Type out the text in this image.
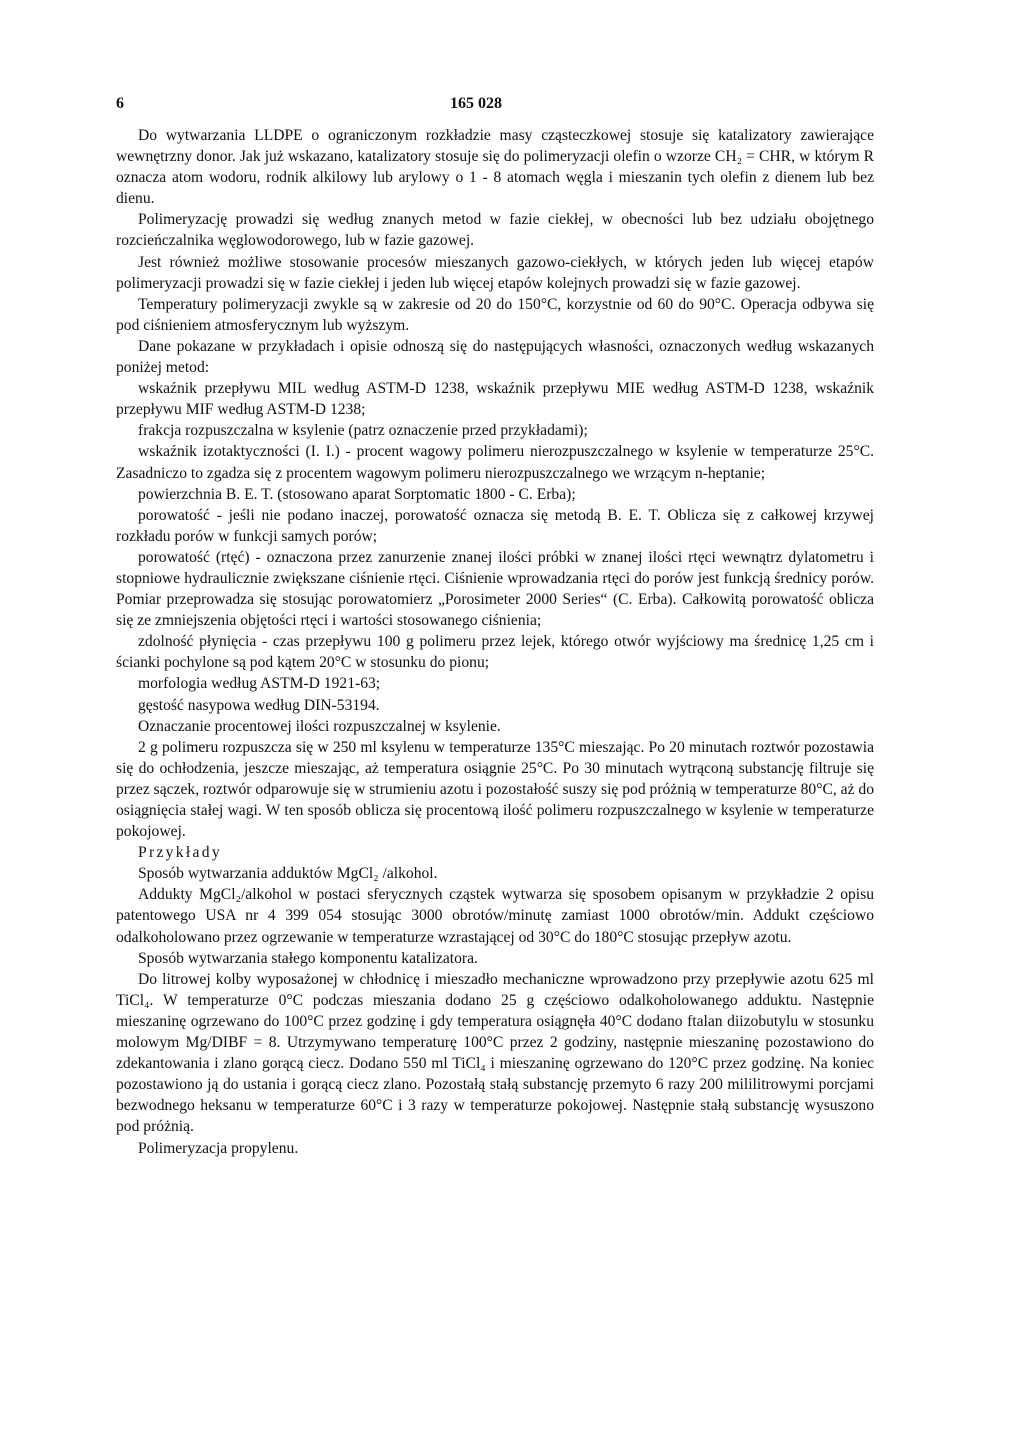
6	165 028

Do wytwarzania LLDPE o ograniczonym rozkładzie masy cząsteczkowej stosuje się katalizatory zawierające wewnętrzny donor. Jak już wskazano, katalizatory stosuje się do polimeryzacji olefin o wzorze CH₂ = CHR, w którym R oznacza atom wodoru, rodnik alkilowy lub arylowy o 1 - 8 atomach węgla i mieszanin tych olefin z dienem lub bez dienu.

Polimeryzację prowadzi się według znanych metod w fazie ciekłej, w obecności lub bez udziału obojętnego rozcieńczalnika węglowodorowego, lub w fazie gazowej.

Jest również możliwe stosowanie procesów mieszanych gazowo-ciekłych, w których jeden lub więcej etapów polimeryzacji prowadzi się w fazie ciekłej i jeden lub więcej etapów kolejnych prowadzi się w fazie gazowej.

Temperatury polimeryzacji zwykle są w zakresie od 20 do 150°C, korzystnie od 60 do 90°C. Operacja odbywa się pod ciśnieniem atmosferycznym lub wyższym.

Dane pokazane w przykładach i opisie odnoszą się do następujących własności, oznaczonych według wskazanych poniżej metod:

wskaźnik przepływu MIL według ASTM-D 1238, wskaźnik przepływu MIE według ASTM-D 1238, wskaźnik przepływu MIF według ASTM-D 1238;

frakcja rozpuszczalna w ksylenie (patrz oznaczenie przed przykładami);

wskaźnik izotaktyczności (I. I.) - procent wagowy polimeru nierozpuszczalnego w ksylenie w temperaturze 25°C. Zasadniczo to zgadza się z procentem wagowym polimeru nierozpuszczalnego we wrzącym n-heptanie;

powierzchnia B. E. T. (stosowano aparat Sorptomatic 1800 - C. Erba);

porowatość - jeśli nie podano inaczej, porowatość oznacza się metodą B. E. T. Oblicza się z całkowej krzywej rozkładu porów w funkcji samych porów;

porowatość (rtęć) - oznaczona przez zanurzenie znanej ilości próbki w znanej ilości rtęci wewnątrz dylatometru i stopniowe hydraulicznie zwiększane ciśnienie rtęci. Ciśnienie wprowadzania rtęci do porów jest funkcją średnicy porów. Pomiar przeprowadza się stosując porowatomierz „Porosimeter 2000 Series“ (C. Erba). Całkowitą porowatość oblicza się ze zmniejszenia objętości rtęci i wartości stosowanego ciśnienia;

zdolność płynięcia - czas przepływu 100 g polimeru przez lejek, którego otwór wyjściowy ma średnicę 1,25 cm i ścianki pochylone są pod kątem 20°C w stosunku do pionu;

morfologia według ASTM-D 1921-63;

gęstość nasypowa według DIN-53194.

Oznaczanie procentowej ilości rozpuszczalnej w ksylenie.

2 g polimeru rozpuszcza się w 250 ml ksylenu w temperaturze 135°C mieszając. Po 20 minutach roztwór pozostawia się do ochłodzenia, jeszcze mieszając, aż temperatura osiągnie 25°C. Po 30 minutach wytrąconą substancję filtruje się przez sączek, roztwór odparowuje się w strumieniu azotu i pozostałość suszy się pod próżnią w temperaturze 80°C, aż do osiągnięcia stałej wagi. W ten sposób oblicza się procentową ilość polimeru rozpuszczalnego w ksylenie w temperaturze pokojowej.

Przykłady

Sposób wytwarzania adduktów MgCl₂ /alkohol.

Addukty MgCl₂/alkohol w postaci sferycznych cząstek wytwarza się sposobem opisanym w przykładzie 2 opisu patentowego USA nr 4 399 054 stosując 3000 obrotów/minutę zamiast 1000 obrotów/min. Addukt częściowo odalkoholowano przez ogrzewanie w temperaturze wzrastającej od 30°C do 180°C stosując przepływ azotu.

Sposób wytwarzania stałego komponentu katalizatora.

Do litrowej kolby wyposażonej w chłodnicę i mieszadło mechaniczne wprowadzono przy przepływie azotu 625 ml TiCl₄. W temperaturze 0°C podczas mieszania dodano 25 g częściowo odalkoholowanego adduktu. Następnie mieszaninę ogrzewano do 100°C przez godzinę i gdy temperatura osiągnęła 40°C dodano ftalan diizobutylu w stosunku molowym Mg/DIBF = 8. Utrzymywano temperaturę 100°C przez 2 godziny, następnie mieszaninę pozostawiono do zdekantowania i zlano gorącą ciecz. Dodano 550 ml TiCl₄ i mieszaninę ogrzewano do 120°C przez godzinę. Na koniec pozostawiono ją do ustania i gorącą ciecz zlano. Pozostałą stałą substancję przemyto 6 razy 200 mililitrowymi porcjami bezwodnego heksanu w temperaturze 60°C i 3 razy w temperaturze pokojowej. Następnie stałą substancję wysuszono pod próżnią.

Polimeryzacja propylenu.
